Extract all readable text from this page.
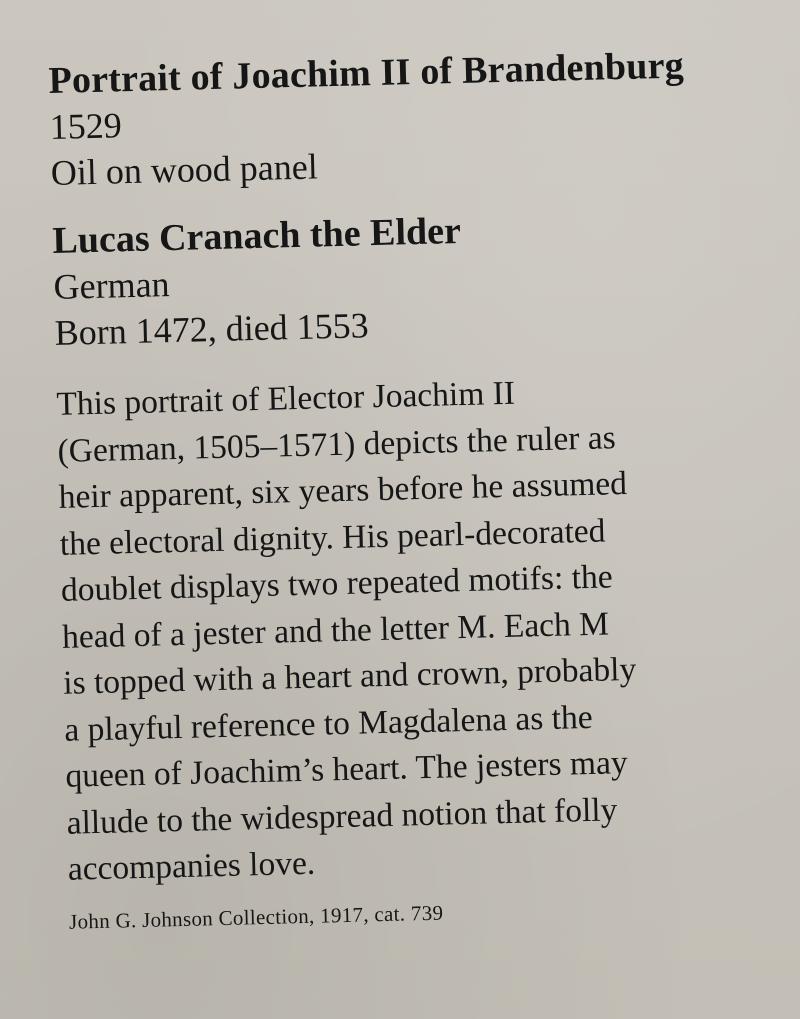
Portrait of Joachim II of Brandenburg

1529

Oil on wood panel

Lucas Cranach the Elder

German

Born 1472, died 1553

This portrait of Elector Joachim II
(German, 1505–1571) depicts the ruler as
heir apparent, six years before he assumed
the electoral dignity. His pearl-decorated
doublet displays two repeated motifs: the
head of a jester and the letter M. Each M
is topped with a heart and crown, probably
a playful reference to Magdalena as the
queen of Joachim’s heart. The jesters may
allude to the widespread notion that folly
accompanies love.

John G. Johnson Collection, 1917, cat. 739
